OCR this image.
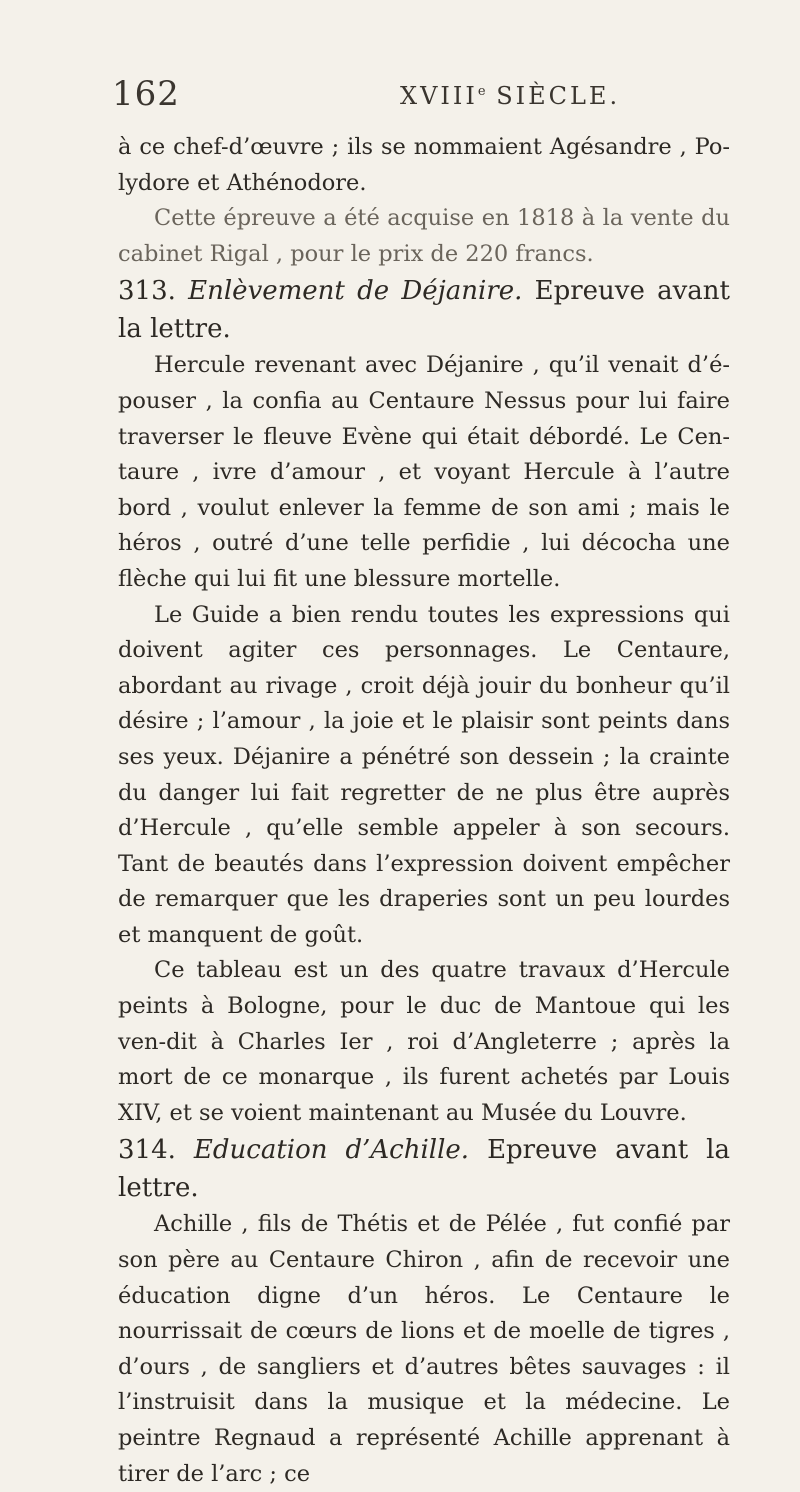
162	XVIIIe SIÈCLE.

à ce chef-d’œuvre ; ils se nommaient Agésandre , Po-lydore et Athénodore.

Cette épreuve a été acquise en 1818 à la vente du cabinet Rigal , pour le prix de 220 francs.

313. Enlèvement de Déjanire. Epreuve avant la lettre.

Hercule revenant avec Déjanire , qu’il venait d’é-pouser , la confia au Centaure Nessus pour lui faire traverser le fleuve Evène qui était débordé. Le Cen-taure , ivre d’amour , et voyant Hercule à l’autre bord , voulut enlever la femme de son ami ; mais le héros , outré d’une telle perfidie , lui décocha une flèche qui lui fit une blessure mortelle.

Le Guide a bien rendu toutes les expressions qui doivent agiter ces personnages. Le Centaure, abordant au rivage , croit déjà jouir du bonheur qu’il désire ; l’amour , la joie et le plaisir sont peints dans ses yeux. Déjanire a pénétré son dessein ; la crainte du danger lui fait regretter de ne plus être auprès d’Hercule , qu’elle semble appeler à son secours. Tant de beautés dans l’expression doivent empêcher de remarquer que les draperies sont un peu lourdes et manquent de goût.

Ce tableau est un des quatre travaux d’Hercule peints à Bologne, pour le duc de Mantoue qui les ven-dit à Charles Ier , roi d’Angleterre ; après la mort de ce monarque , ils furent achetés par Louis XIV, et se voient maintenant au Musée du Louvre.

314. Education d’Achille. Epreuve avant la lettre.

Achille , fils de Thétis et de Pélée , fut confié par son père au Centaure Chiron , afin de recevoir une éducation digne d’un héros. Le Centaure le nourrissait de cœurs de lions et de moelle de tigres , d’ours , de sangliers et d’autres bêtes sauvages : il l’instruisit dans la musique et la médecine. Le peintre Regnaud a représenté Achille apprenant à tirer de l’arc ; ce
